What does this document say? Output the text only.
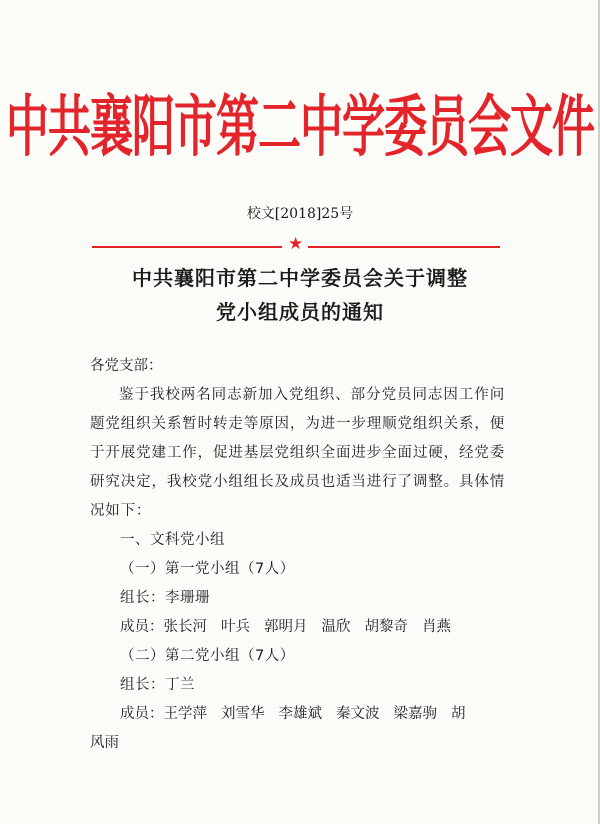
中共襄阳市第二中学委员会文件
校文[2018]25号
★
中共襄阳市第二中学委员会关于调整
党小组成员的通知
各党支部：
鉴于我校两名同志新加入党组织、部分党员同志因工作问题党组织关系暂时转走等原因，为进一步理顺党组织关系，便于开展党建工作，促进基层党组织全面进步全面过硬，经党委研究决定，我校党小组组长及成员也适当进行了调整。具体情况如下：
一、文科党小组
（一）第一党小组（7人）
组长：李珊珊
成员：张长河 叶兵 郭明月 温欣 胡黎奇 肖燕
（二）第二党小组（7人）
组长：丁兰
成员：王学萍 刘雪华 李雄斌 秦文波 梁嘉驹 胡
风雨
